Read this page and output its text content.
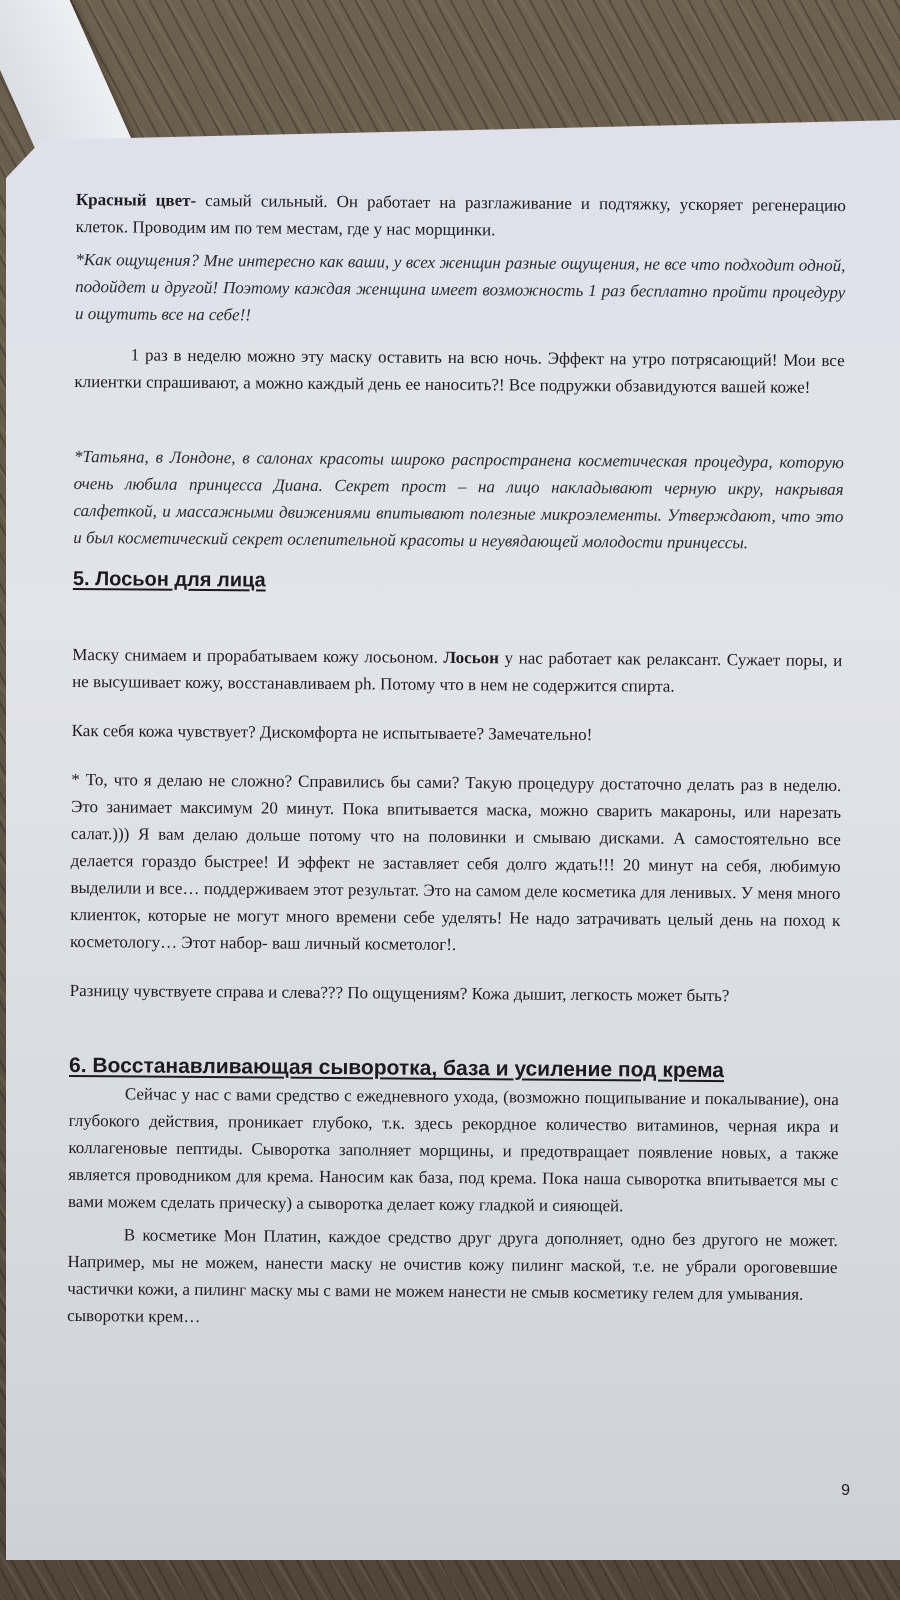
Красный цвет- самый сильный. Он работает на разглаживание и подтяжку, ускоряет регенерацию клеток. Проводим им по тем местам, где у нас морщинки.

*Как ощущения? Мне интересно как ваши, у всех женщин разные ощущения, не все что подходит одной, подойдет и другой! Поэтому каждая женщина имеет возможность 1 раз бесплатно пройти процедуру и ощутить все на себе!!

1 раз в неделю можно эту маску оставить на всю ночь. Эффект на утро потрясающий! Мои все клиентки спрашивают, а можно каждый день ее наносить?! Все подружки обзавидуются вашей коже!

*Татьяна, в Лондоне, в салонах красоты широко распространена косметическая процедура, которую очень любила принцесса Диана. Секрет прост – на лицо накладывают черную икру, накрывая салфеткой, и массажными движениями впитывают полезные микроэлементы. Утверждают, что это и был косметический секрет ослепительной красоты и неувядающей молодости принцессы.

5. Лосьон для лица

Маску снимаем и прорабатываем кожу лосьоном. Лосьон у нас работает как релаксант. Сужает поры, и не высушивает кожу, восстанавливаем ph. Потому что в нем не содержится спирта.

Как себя кожа чувствует? Дискомфорта не испытываете? Замечательно!

* То, что я делаю не сложно? Справились бы сами? Такую процедуру достаточно делать раз в неделю. Это занимает максимум 20 минут. Пока впитывается маска, можно сварить макароны, или нарезать салат.))) Я вам делаю дольше потому что на половинки и смываю дисками. А самостоятельно все делается гораздо быстрее! И эффект не заставляет себя долго ждать!!! 20 минут на себя, любимую выделили и все… поддерживаем этот результат. Это на самом деле косметика для ленивых. У меня много клиенток, которые не могут много времени себе уделять! Не надо затрачивать целый день на поход к косметологу… Этот набор- ваш личный косметолог!.

Разницу чувствуете справа и слева??? По ощущениям? Кожа дышит, легкость может быть?

6. Восстанавливающая сыворотка, база и усиление под крема

Сейчас у нас с вами средство с ежедневного ухода, (возможно пощипывание и покалывание), она глубокого действия, проникает глубоко, т.к. здесь рекордное количество витаминов, черная икра и коллагеновые пептиды. Сыворотка заполняет морщины, и предотвращает появление новых, а также является проводником для крема. Наносим как база, под крема. Пока наша сыворотка впитывается мы с вами можем сделать прическу) а сыворотка делает кожу гладкой и сияющей.

В косметике Мон Платин, каждое средство друг друга дополняет, одно без другого не может. Например, мы не можем, нанести маску не очистив кожу пилинг маской, т.е. не убрали ороговевшие частички кожи, а пилинг маску мы с вами не можем нанести не смыв косметику гелем для умывания.

сыворотки крем…

9
